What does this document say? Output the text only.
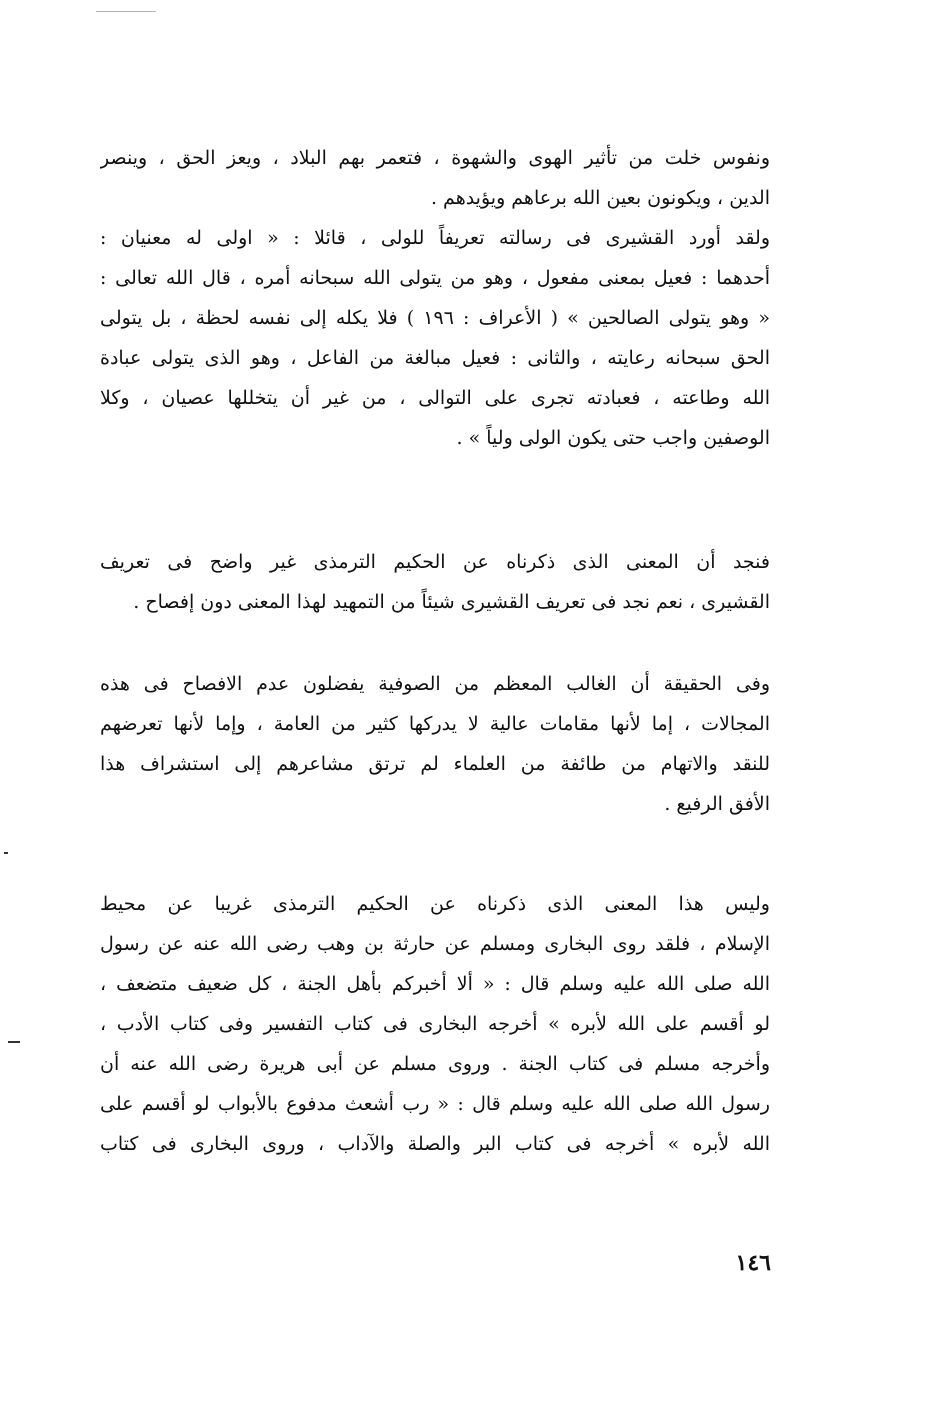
ونفوس خلت من تأثير الهوى والشهوة ، فتعمر بهم البلاد ، ويعز الحق ، وينصر
الدين ، ويكونون بعين الله برعاهم ويؤيدهم .
ولقد أورد القشيرى فى رسالته تعريفاً للولى ، قائلا : « اولى له معنيان :
أحدهما : فعيل بمعنى مفعول ، وهو من يتولى الله سبحانه أمره ، قال الله تعالى :
« وهو يتولى الصالحين » ( الأعراف : ١٩٦ ) فلا يكله إلى نفسه لحظة ، بل يتولى
الحق سبحانه رعايته ، والثانى : فعيل مبالغة من الفاعل ، وهو الذى يتولى عبادة
الله وطاعته ، فعبادته تجرى على التوالى ، من غير أن يتخللها عصيان ، وكلا
الوصفين واجب حتى يكون الولى ولياً » .
فنجد أن المعنى الذى ذكرناه عن الحكيم الترمذى غير واضح فى تعريف
القشيرى ، نعم نجد فى تعريف القشيرى شيئاً من التمهيد لهذا المعنى دون إفصاح .
وفى الحقيقة أن الغالب المعظم من الصوفية يفضلون عدم الافصاح فى هذه
المجالات ، إما لأنها مقامات عالية لا يدركها كثير من العامة ، وإما لأنها تعرضهم
للنقد والاتهام من طائفة من العلماء لم ترتق مشاعرهم إلى استشراف هذا
الأفق الرفيع .
وليس هذا المعنى الذى ذكرناه عن الحكيم الترمذى غريبا عن محيط
الإسلام ، فلقد روى البخارى ومسلم عن حارثة بن وهب رضى الله عنه عن رسول
الله صلى الله عليه وسلم قال : « ألا أخبركم بأهل الجنة ، كل ضعيف متضعف ،
لو أقسم على الله لأبره » أخرجه البخارى فى كتاب التفسير وفى كتاب الأدب ،
وأخرجه مسلم فى كتاب الجنة . وروى مسلم عن أبى هريرة رضى الله عنه أن
رسول الله صلى الله عليه وسلم قال : « رب أشعث مدفوع بالأبواب لو أقسم على
الله لأبره » أخرجه فى كتاب البر والصلة والآداب ، وروى البخارى فى كتاب
١٤٦
